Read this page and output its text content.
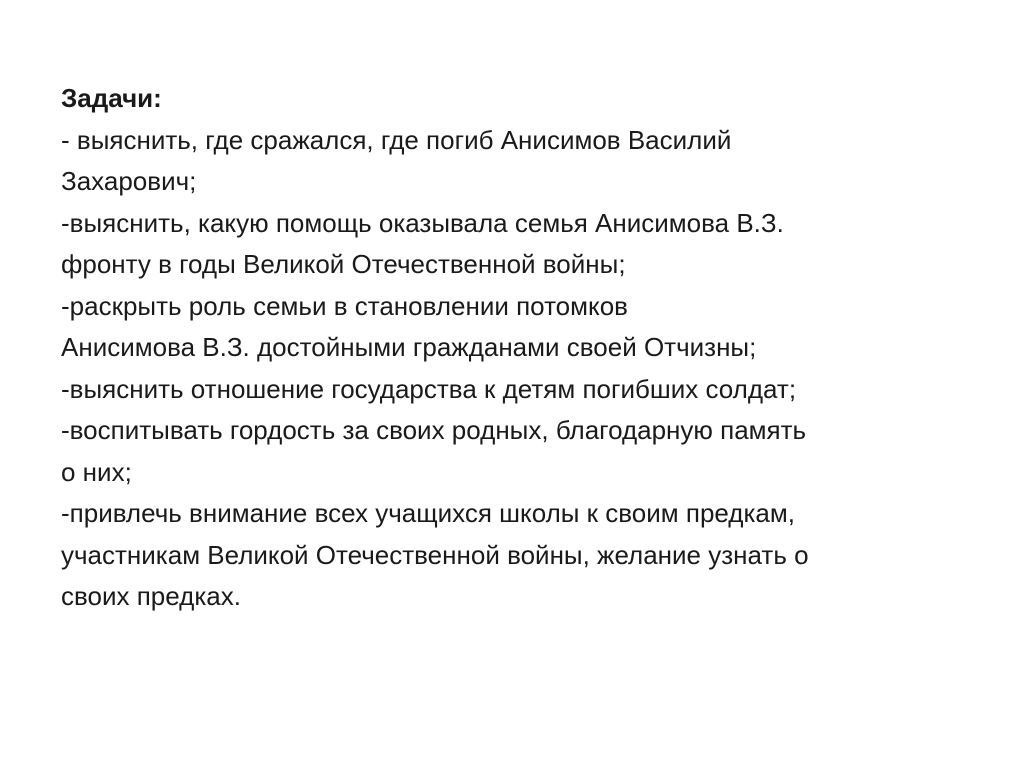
Задачи:
- выяснить, где сражался, где погиб Анисимов Василий
Захарович;
-выяснить, какую помощь оказывала семья Анисимова В.З.
фронту в годы Великой Отечественной войны;
-раскрыть роль семьи в становлении потомков
Анисимова В.З. достойными гражданами своей Отчизны;
-выяснить отношение государства к детям погибших солдат;
-воспитывать гордость за своих родных, благодарную память
о них;
-привлечь внимание всех учащихся школы к своим предкам,
участникам Великой Отечественной войны, желание узнать о
своих предках.
